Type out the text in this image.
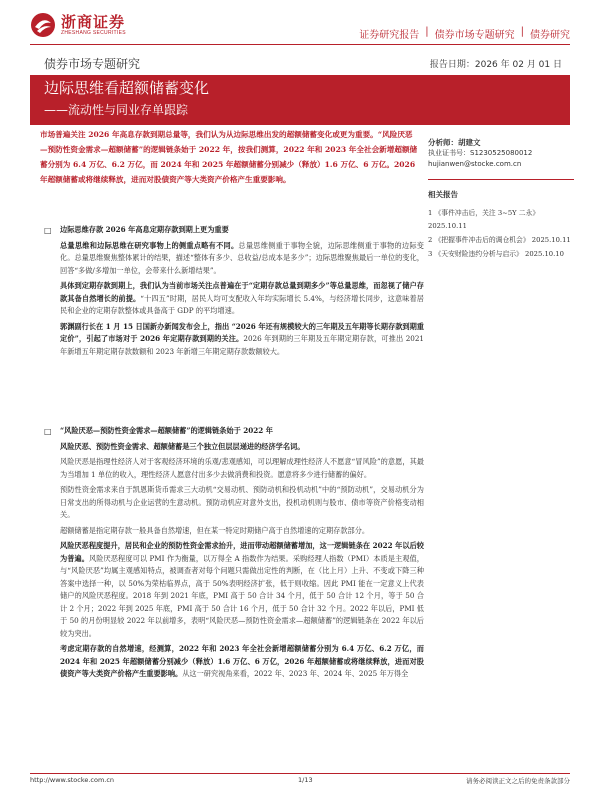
浙商证券
ZHESHANG SECURITIES	证券研究报告 | 债券市场专题研究 | 债券研究
债券市场专题研究	报告日期：2026 年 02 月 01 日
边际思维看超额储蓄变化
——流动性与同业存单跟踪
市场普遍关注 2026 年高息存款到期总量等，我们认为从边际思维出发的超额储蓄变化或更为重要。“风险厌恶—预防性资金需求—超额储蓄”的逻辑链条始于 2022 年，按我们测算，2022 年和 2023 年全社会新增超额储蓄分别为 6.4 万亿、6.2 万亿，而 2024 年和 2025 年超额储蓄分别减少（释放）1.6 万亿、6 万亿。2026 年超额储蓄或将继续释放，进而对股债资产等大类资产价格产生重要影响。
分析师：胡建文
执业证书号：S1230525080012
hujianwen@stocke.com.cn
相关报告
1 《事件冲击后，关注 3~5Y 二永》 2025.10.11
2 《把握事件冲击后的调仓机会》 2025.10.11
3 《天安财险违约分析与启示》 2025.10.10
□ 边际思维存款 2026 年高息定期存款到期上更为重要

总量思维和边际思维在研究事物上的侧重点略有不同。总量思维侧重于事物全貌，边际思维侧重于事物的边际变化。总量思维聚焦整体累计的结果，描述“整体有多少、总收益/总成本是多少”；边际思维聚焦最后一单位的变化，回答“多做/多增加一单位，会带来什么新增结果”。

具体到定期存款到期上，我们认为当前市场关注点普遍在于“定期存款总量到期多少”等总量思维，而忽视了储户存款其备自然增长的前提。“十四五”时期，居民人均可支配收入年均实际增长 5.4%，与经济增长同步，这意味着居民和企业的定期存款整体或具备高于 GDP 的平均增速。

郭渊副行长在 1 月 15 日国新办新闻发布会上，指出 “2026 年还有规模较大的三年期及五年期等长期存款到期重定价”，引起了市场对于 2026 年定期存款到期的关注。2026 年到期的三年期及五年期定期存款，可推出 2021 年新增五年期定期存款数额和 2023 年新增三年期定期存款数额较大。

□ “风险厌恶—预防性资金需求—超额储蓄”的逻辑链条始于 2022 年

风险厌恶、预防性资金需求、超额储蓄是三个独立但层层递进的经济学名词。

风险厌恶是指理性经济人对于客观经济环境的乐观/悲观感知，可以理解成理性经济人不愿意“冒风险”的意愿，其最为当增加 1 单位的收入，理性经济人愿意付出多少去做消费和投资。愿意将多少进行储蓄的偏好。

预防性资金需求来自于凯恩斯货币需求三大动机“交易动机、预防动机和投机动机”中的“预防动机”，交易动机分为日常支出的所得动机与企业运营的生意动机。预防动机应对意外支出，投机动机则与股市、债市等资产价格变动相关。

超额储蓄是指定期存款一般具备自然增速，但在某一特定时期储户高于自然增速的定期存款部分。

风险厌恶程度提升，居民和企业的预防性资金需求抬升，进而带动超额储蓄增加，这一逻辑链条在 2022 年以后较为普遍。风险厌恶程度可以 PMI 作为衡量，以万得全 A 指数作为结果。采购经理人指数（PMI）本质是主观值，与“风险厌恶”均属主观感知特点，被调查者对每个问题只需做出定性的判断，在（比上月）上升、不变或下降三种答案中选择一种，以 50%为荣枯临界点，高于 50%表明经济扩张，低于则收缩。因此 PMI 能在一定意义上代表储户的风险厌恶程度。2018 年到 2021 年底，PMI 高于 50 合计 34 个月，低于 50 合计 12 个月，等于 50 合计 2 个月；2022 年到 2025 年底，PMI 高于 50 合计 16 个月，低于 50 合计 32 个月。2022 年以后，PMI 低于 50 的月份明显较 2022 年以前增多，表明“风险厌恶—预防性资金需求—超额储蓄”的逻辑链条在 2022 年以后较为突出。

考虑定期存款的自然增速，经测算，2022 年和 2023 年全社会新增超额储蓄分别为 6.4 万亿、6.2 万亿，而 2024 年和 2025 年超额储蓄分别减少（释放）1.6 万亿、6 万亿，2026 年超额储蓄或将继续释放，进而对股债资产等大类资产价格产生重要影响。从这一研究视角来看，2022 年、2023 年、2024 年、2025 年万得全

http://www.stocke.com.cn	1/13	请务必阅读正文之后的免责条款部分
